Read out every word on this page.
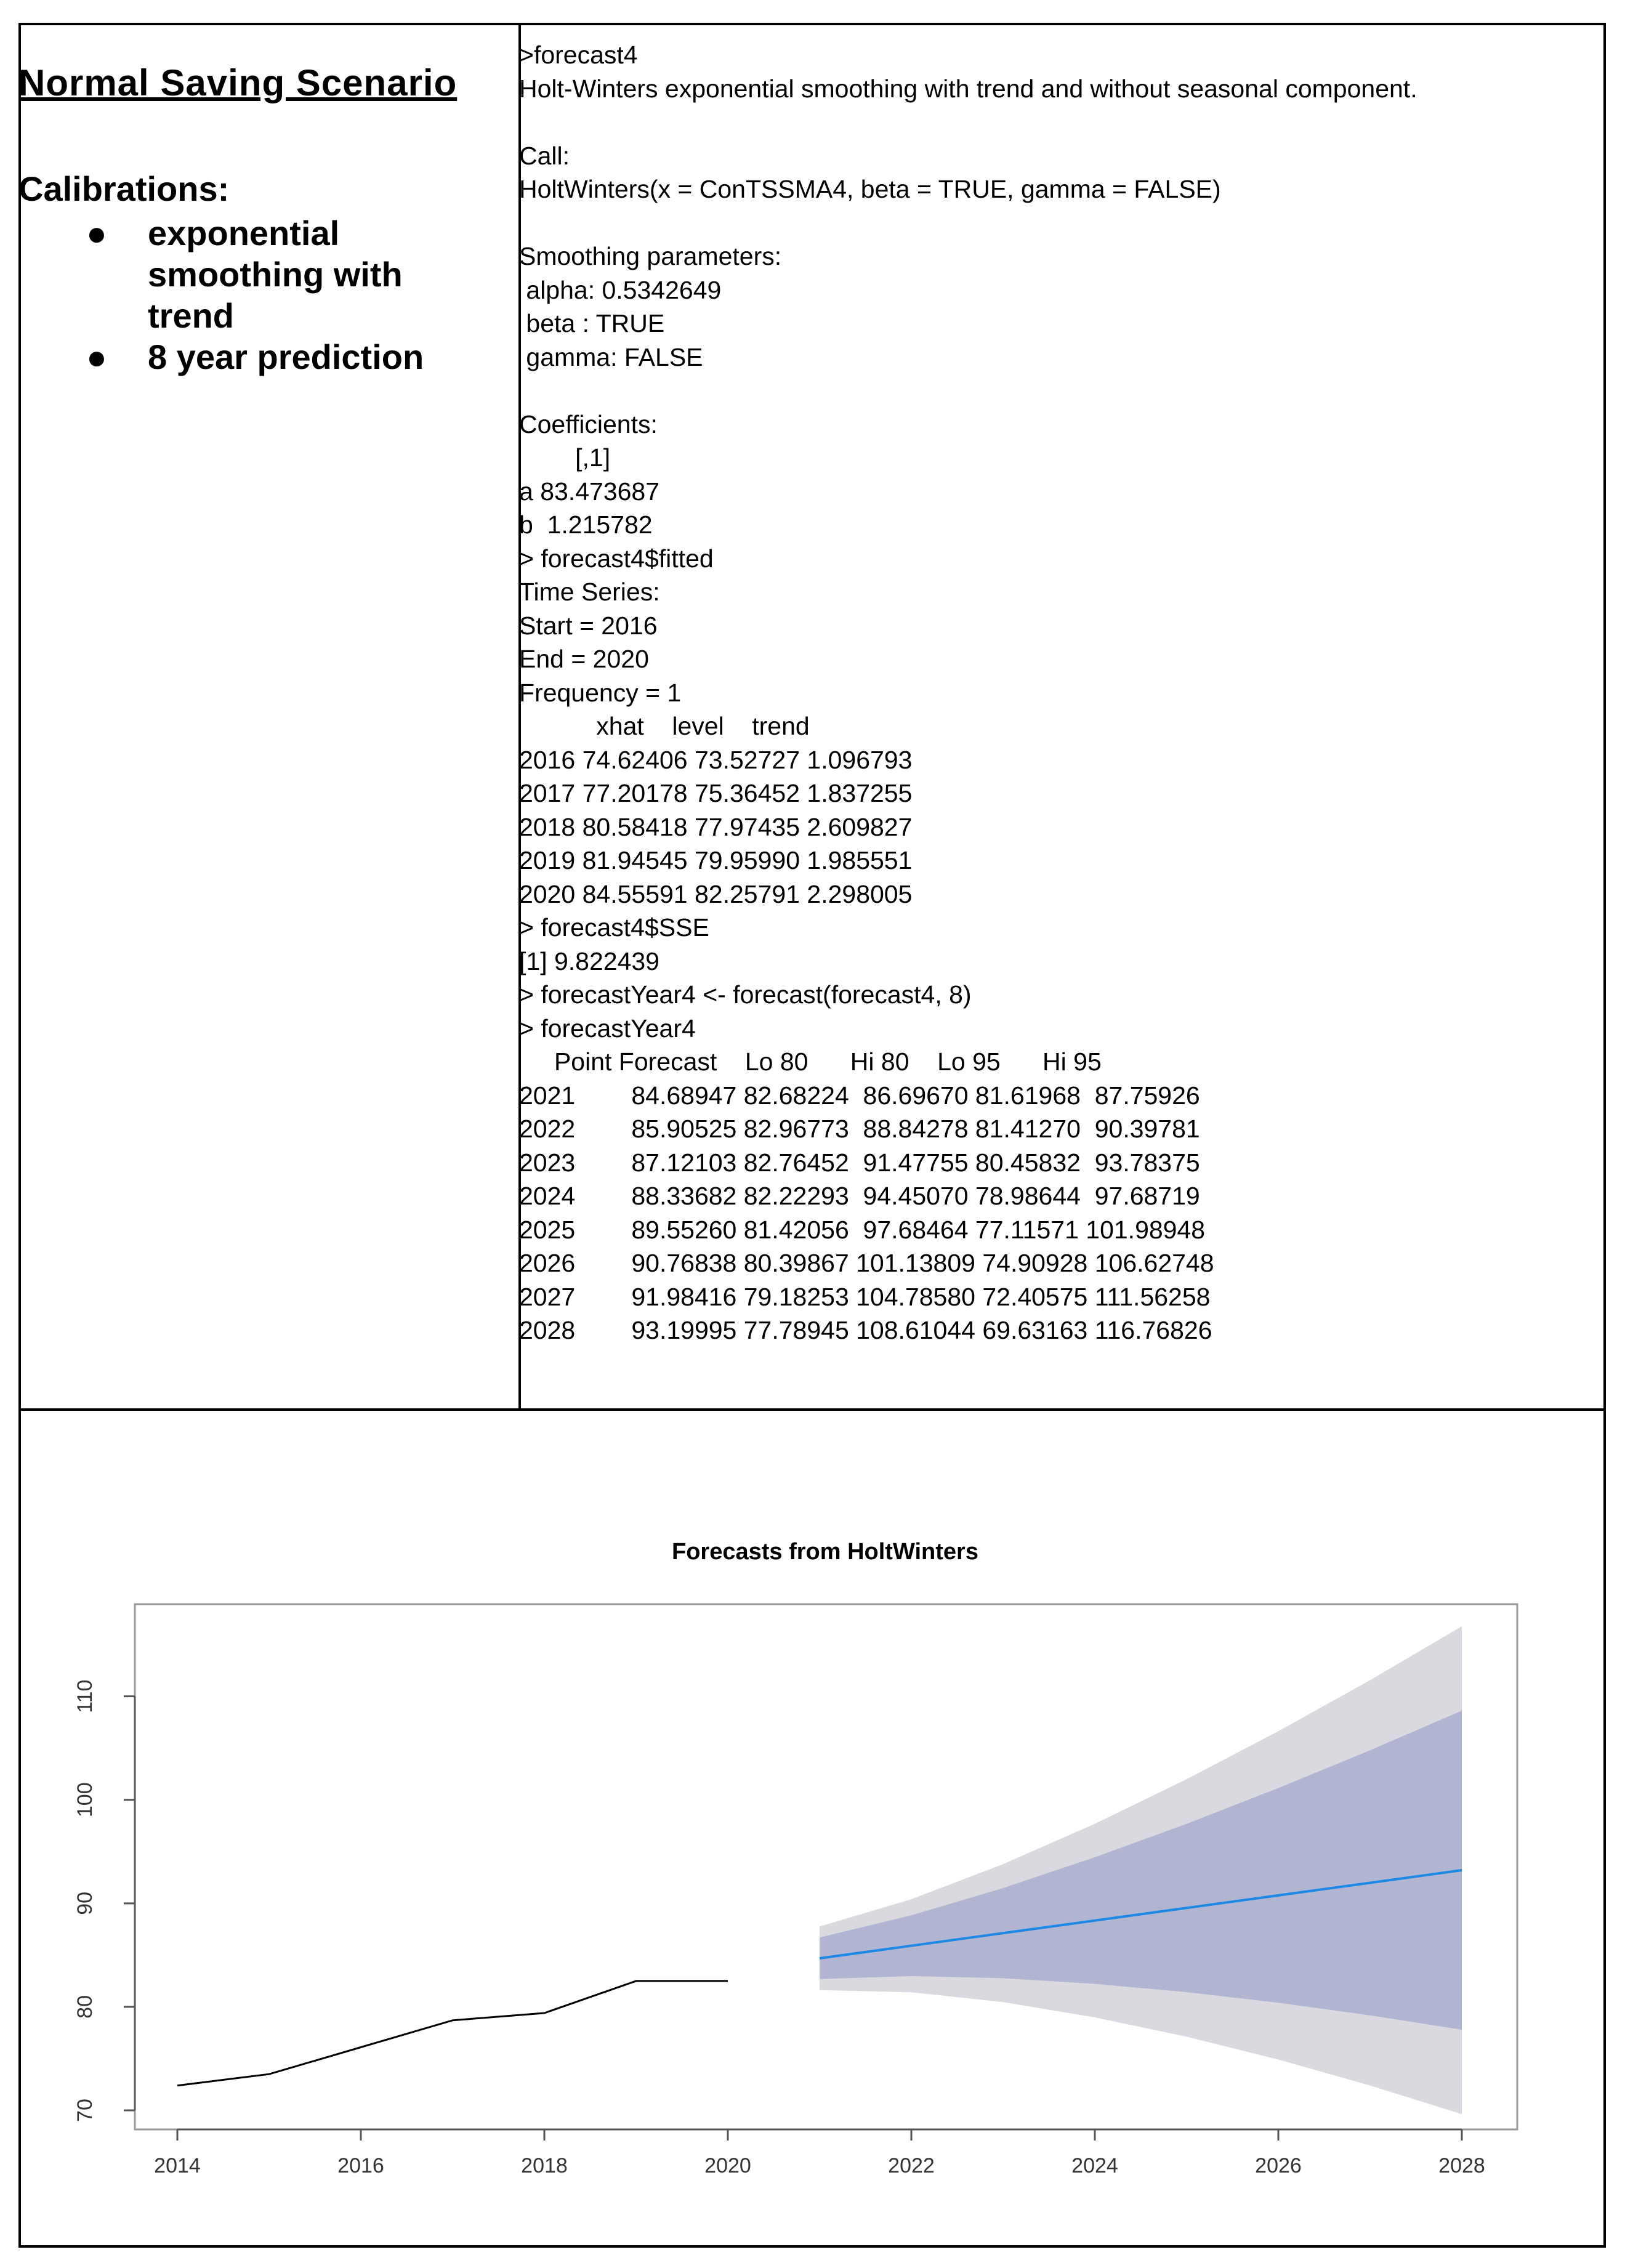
Normal Saving Scenario
Calibrations:
● exponential smoothing with trend
● 8 year prediction
>forecast4
Holt-Winters exponential smoothing with trend and without seasonal component.
Call:
HoltWinters(x = ConTSSMA4, beta = TRUE, gamma = FALSE)
Smoothing parameters:
alpha: 0.5342649
beta : TRUE
gamma: FALSE
Coefficients:
[,1]
a 83.473687
b  1.215782
> forecast4$fitted
Time Series:
Start = 2016
End = 2020
Frequency = 1
xhat    level    trend
2016 74.62406 73.52727 1.096793
2017 77.20178 75.36452 1.837255
2018 80.58418 77.97435 2.609827
2019 81.94545 79.95990 1.985551
2020 84.55591 82.25791 2.298005
> forecast4$SSE
[1] 9.822439
> forecastYear4 <- forecast(forecast4, 8)
> forecastYear4
Point Forecast    Lo 80      Hi 80    Lo 95      Hi 95
2021        84.68947 82.68224  86.69670 81.61968  87.75926
2022        85.90525 82.96773  88.84278 81.41270  90.39781
2023        87.12103 82.76452  91.47755 80.45832  93.78375
2024        88.33682 82.22293  94.45070 78.98644  97.68719
2025        89.55260 81.42056  97.68464 77.11571 101.98948
2026        90.76838 80.39867 101.13809 74.90928 106.62748
2027        91.98416 79.18253 104.78580 72.40575 111.56258
2028        93.19995 77.78945 108.61044 69.63163 116.76826
Forecasts from HoltWinters
2014	2016	2018	2020	2022	2024	2026	2028
70
80
90
100
110
